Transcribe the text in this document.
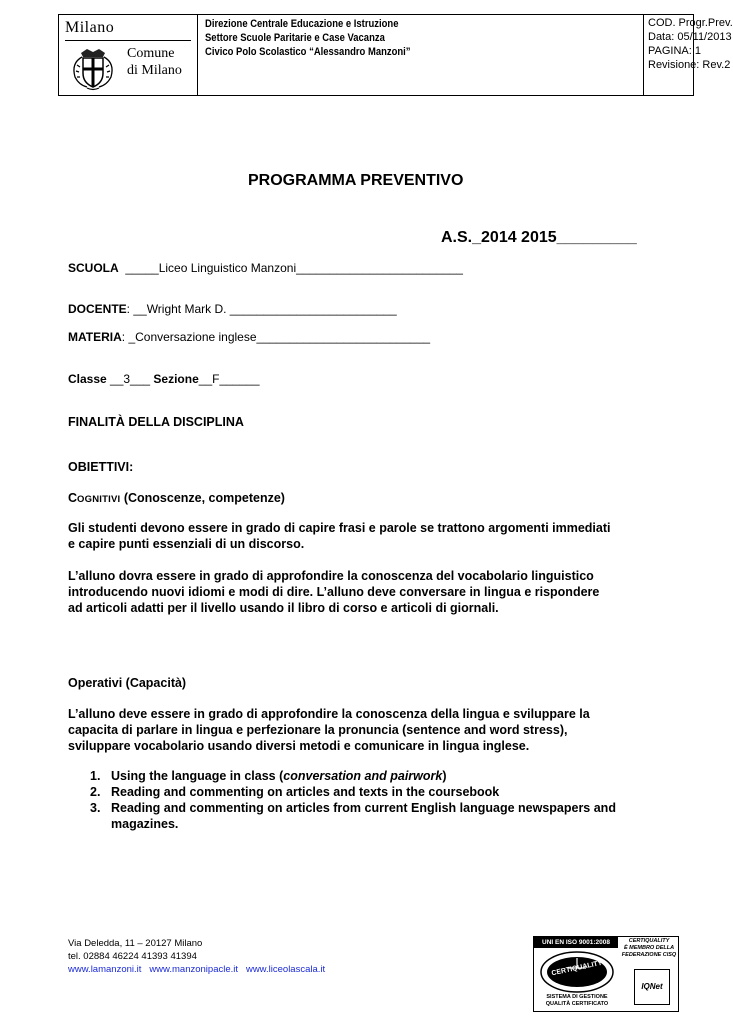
Milano
Comune
di Milano
Direzione Centrale Educazione e Istruzione
Settore Scuole Paritarie e Case Vacanza
Civico Polo Scolastico “Alessandro Manzoni”
COD. Progr.Prev.
Data: 05/11/2013
PAGINA: 1
Revisione: Rev.2
PROGRAMMA PREVENTIVO
A.S._2014 2015_________
SCUOLA  _____Liceo Linguistico Manzoni_________________________
DOCENTE: __Wright Mark D. _________________________
MATERIA: _Conversazione inglese__________________________
Classe __3___ Sezione__F______
FINALITÀ DELLA DISCIPLINA
OBIETTIVI:
COGNITIVI (Conoscenze, competenze)
Gli studenti devono essere in grado di capire frasi e parole se trattono argomenti immediati
e capire punti essenziali di un discorso.
L’alluno dovra essere in grado di approfondire la conoscenza del vocabolario linguistico
introducendo nuovi idiomi e modi di dire. L’alluno deve conversare in lingua e rispondere
ad articoli adatti per il livello usando il libro di corso e articoli di giornali.
Operativi (Capacità)
L’alluno deve essere in grado di approfondire la conoscenza della lingua e sviluppare la
capacita di parlare in lingua e perfezionare la pronuncia (sentence and word stress),
sviluppare vocabolario usando diversi metodi e comunicare in lingua inglese.
1. Using the language in class (conversation and pairwork)
2. Reading and commenting on articles and texts in the coursebook
3. Reading and commenting on articles from current English language newspapers and
magazines.
Via Deledda, 11 – 20127 Milano
tel. 02884 46224 41393 41394
www.lamanzoni.it www.manzonipacle.it www.liceolascala.it
UNI EN ISO 9001:2008	CERTIQUALITY
È MEMBRO DELLA
FEDERAZIONE CISQ
CERTIQUALITY
SISTEMA DI GESTIONE
QUALITÀ CERTIFICATO
IQNet
